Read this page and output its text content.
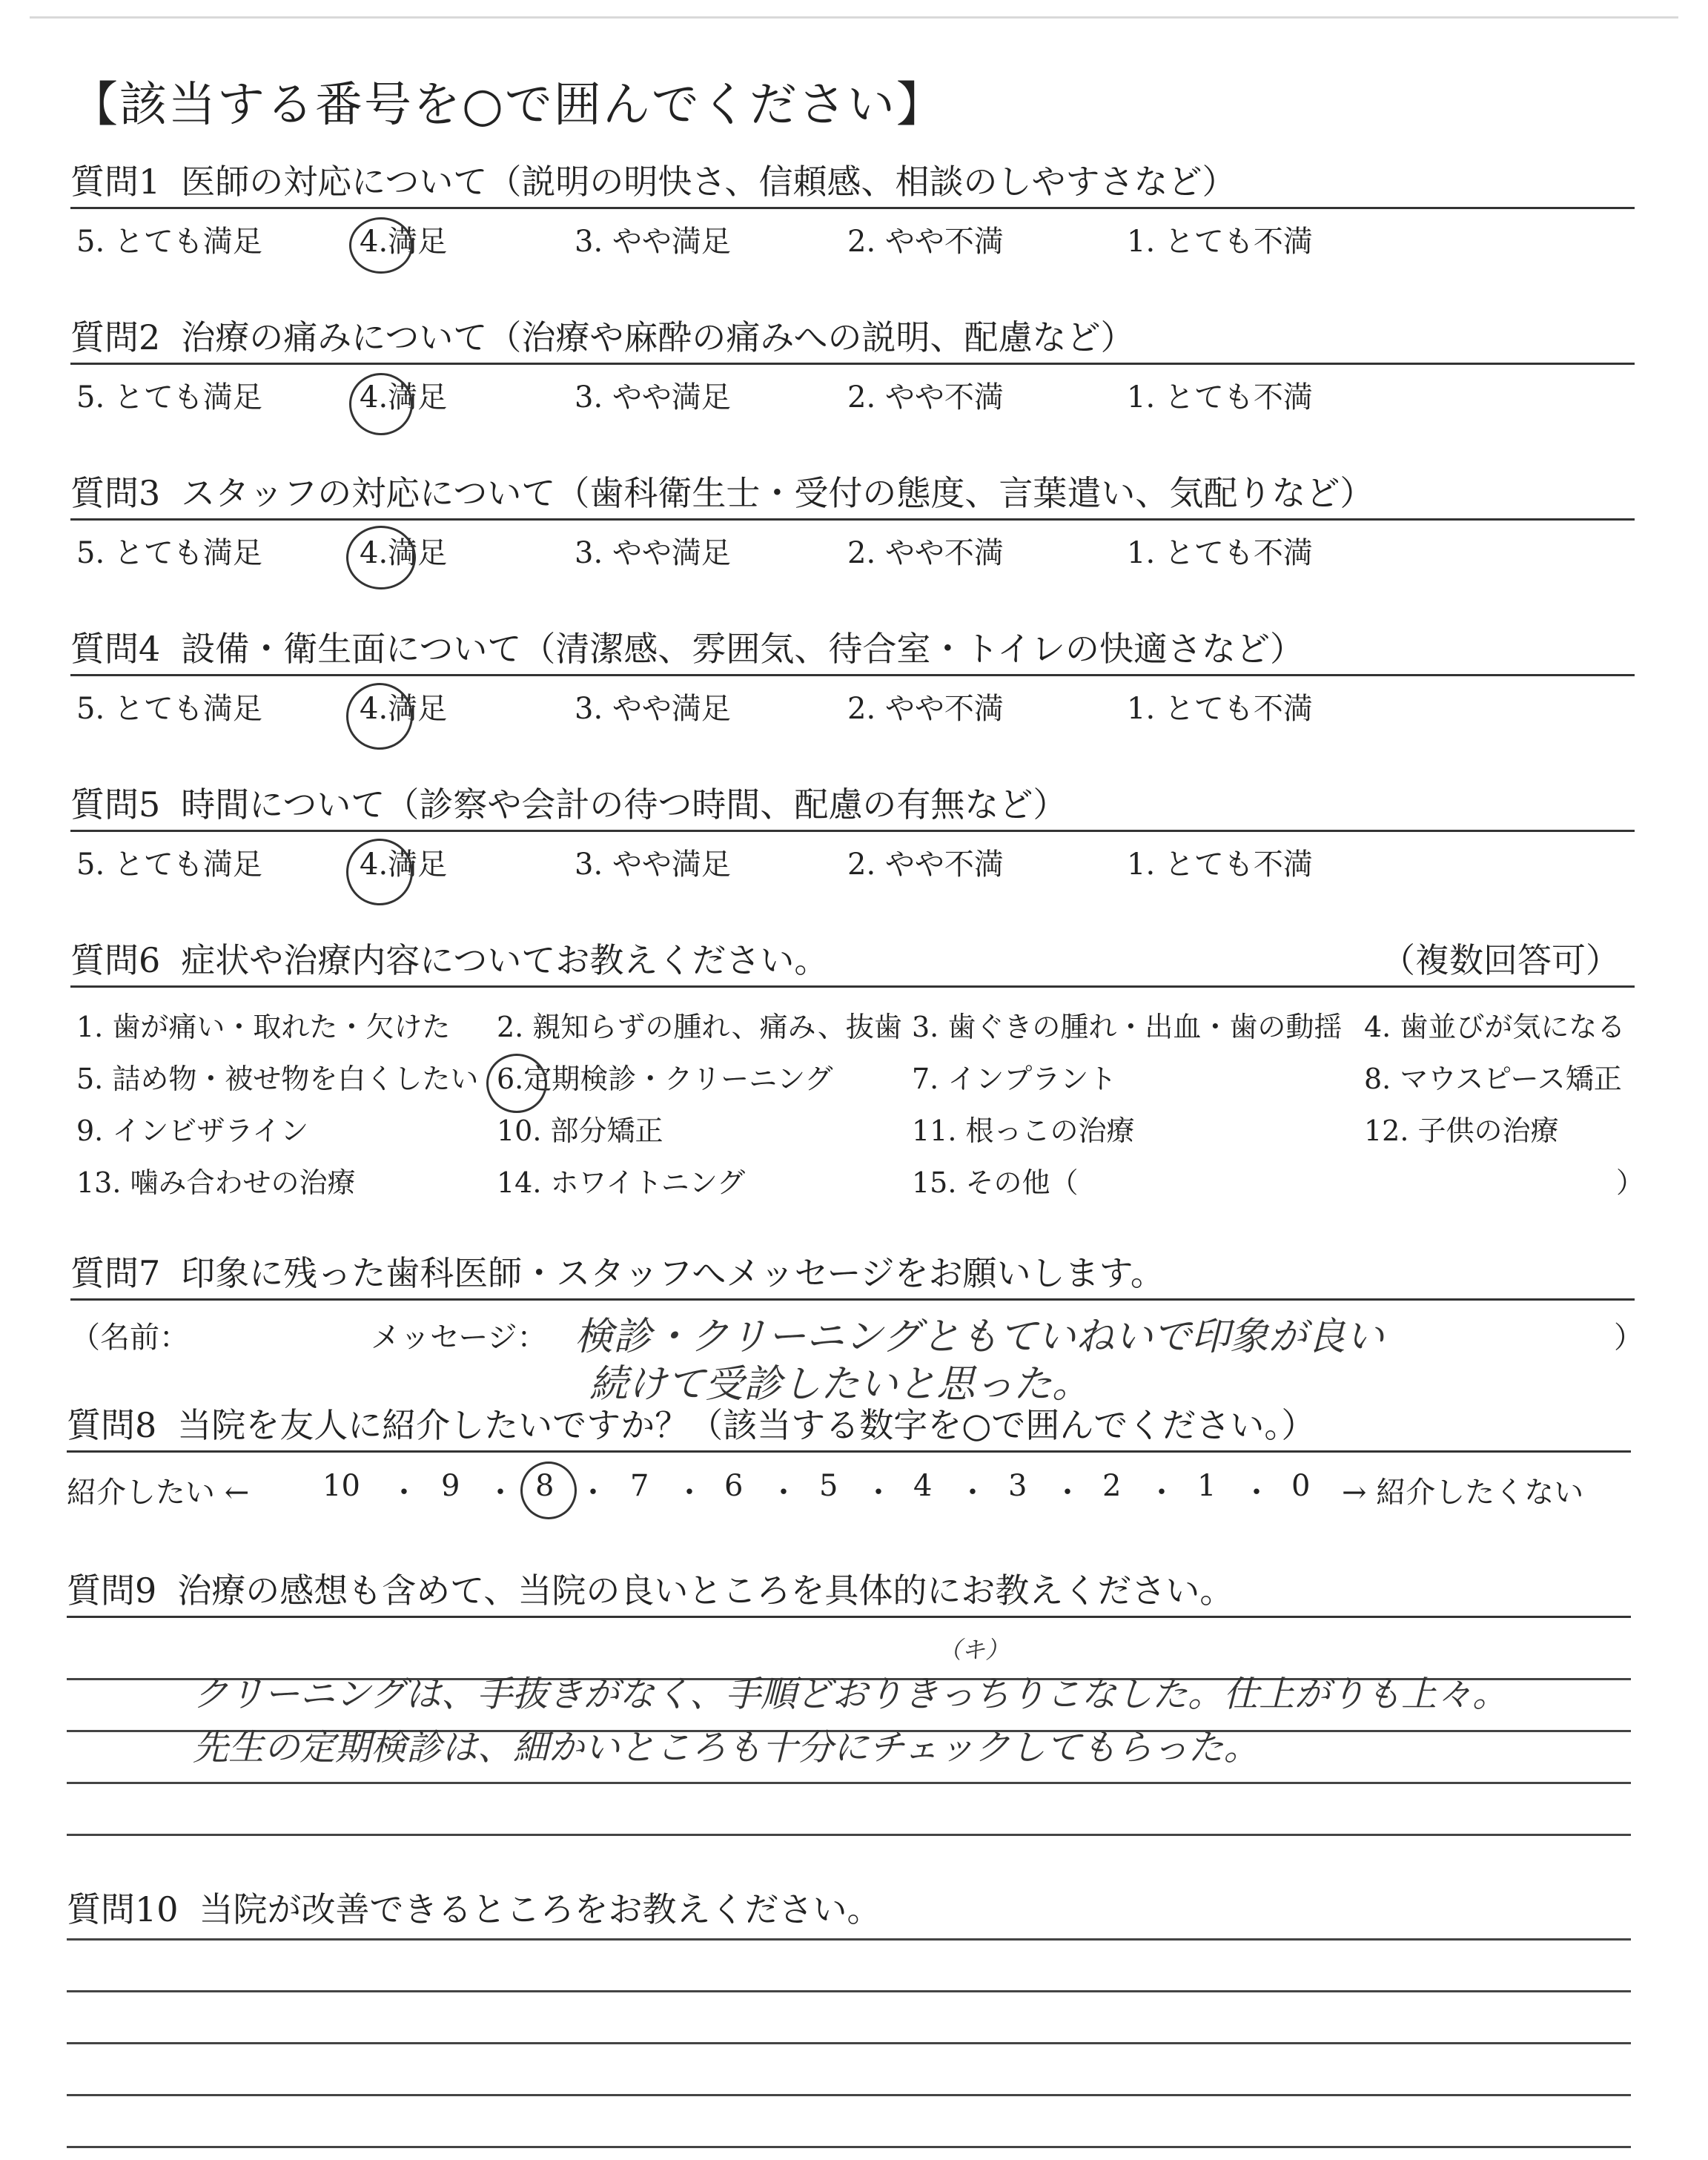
【該当する番号を○で囲んでください】
質問1 医師の対応について（説明の明快さ、信頼感、相談のしやすさなど）
5. とても満足	4.満足	3. やや満足	2. やや不満	1. とても不満
質問2 治療の痛みについて（治療や麻酔の痛みへの説明、配慮など）
5. とても満足	4.満足	3. やや満足	2. やや不満	1. とても不満
質問3 スタッフの対応について（歯科衛生士・受付の態度、言葉遣い、気配りなど）
5. とても満足	4.満足	3. やや満足	2. やや不満	1. とても不満
質問4 設備・衛生面について（清潔感、雰囲気、待合室・トイレの快適さなど）
5. とても満足	4.満足	3. やや満足	2. やや不満	1. とても不満
質問5 時間について（診察や会計の待つ時間、配慮の有無など）
5. とても満足	4.満足	3. やや満足	2. やや不満	1. とても不満
質問6 症状や治療内容についてお教えください。	（複数回答可）
1. 歯が痛い・取れた・欠けた 2. 親知らずの腫れ、痛み、抜歯 3. 歯ぐきの腫れ・出血・歯の動揺 4. 歯並びが気になる
5. 詰め物・被せ物を白くしたい 6.定期検診・クリーニング	7. インプラント	8. マウスピース矯正
9. インビザライン	10. 部分矯正	11. 根っこの治療	12. 子供の治療
13. 噛み合わせの治療	14. ホワイトニング	15. その他（	）
質問7 印象に残った歯科医師・スタッフへメッセージをお願いします。
（名前：	メッセージ： 検診・クリーニングともていねいで印象が良い
続けて受診したいと思った。
）
質問8 当院を友人に紹介したいですか？（該当する数字を○で囲んでください。）
紹介したい ← 10 ・ 9 ・ 8 ・ 7 ・ 6 ・ 5 ・ 4 ・ 3 ・ 2 ・ 1 ・ 0 → 紹介したくない
質問9 治療の感想も含めて、当院の良いところを具体的にお教えください。
（キ）
クリーニングは、手抜きがなく、手順どおりきっちりこなした。仕上がりも上々。
先生の定期検診は、細かいところも十分にチェックしてもらった。
質問10 当院が改善できるところをお教えください。
